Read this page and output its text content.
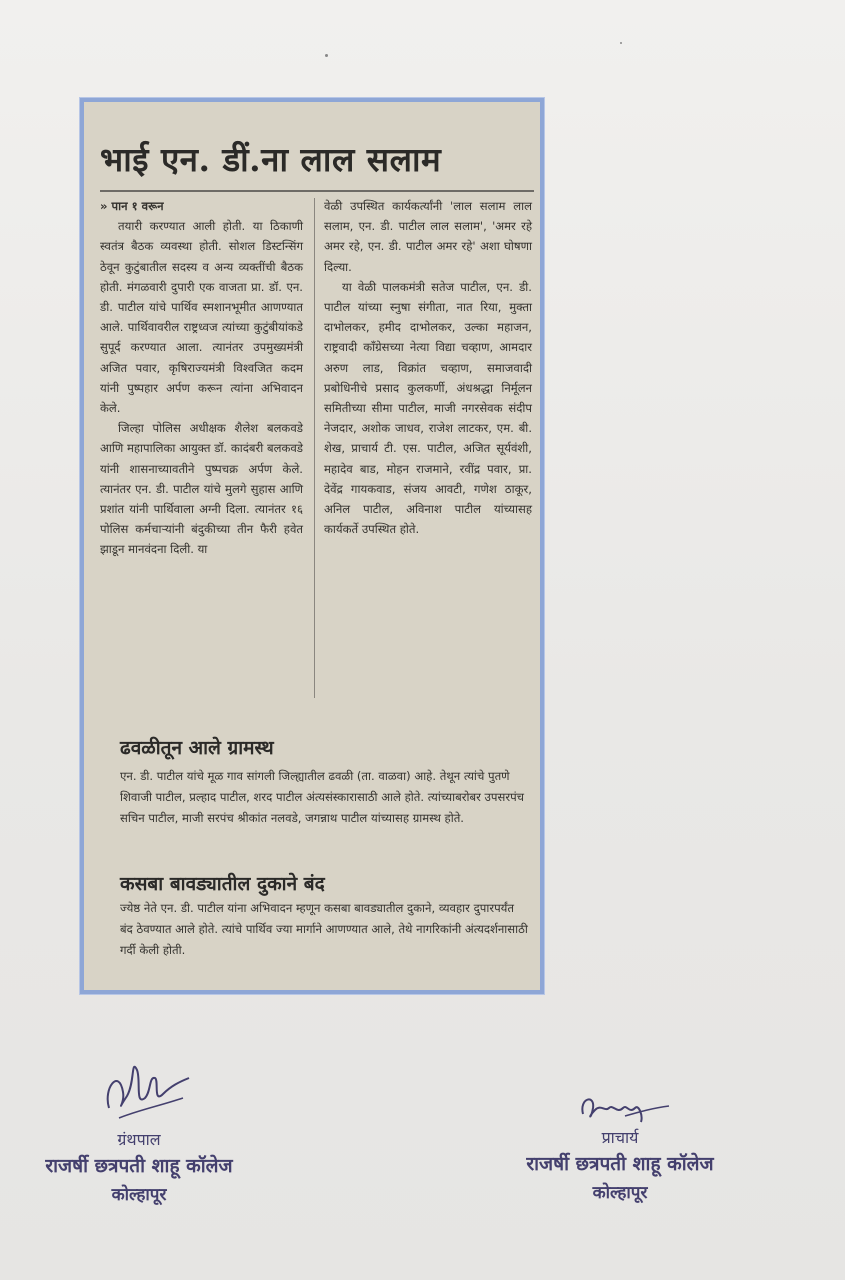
भाई एन. डीं.ना लाल सलाम

» पान १ वरून

तयारी करण्यात आली होती. या ठिकाणी स्वतंत्र बैठक व्यवस्था होती. सोशल डिस्टन्सिंग ठेवून कुटुंबातील सदस्य व अन्य व्यक्तींची बैठक होती. मंगळवारी दुपारी एक वाजता प्रा. डॉ. एन. डी. पाटील यांचे पार्थिव स्मशानभूमीत आणण्यात आले. पार्थिवावरील राष्ट्रध्वज त्यांच्या कुटुंबीयांकडे सुपूर्द करण्यात आला. त्यानंतर उपमुख्यमंत्री अजित पवार, कृषिराज्यमंत्री विश्वजित कदम यांनी पुष्पहार अर्पण करून त्यांना अभिवादन केले.

जिल्हा पोलिस अधीक्षक शैलेश बलकवडे आणि महापालिका आयुक्त डॉ. कादंबरी बलकवडे यांनी शासनाच्यावतीने पुष्पचक्र अर्पण केले. त्यानंतर एन. डी. पाटील यांचे मुलगे सुहास आणि प्रशांत यांनी पार्थिवाला अग्नी दिला. त्यानंतर १६ पोलिस कर्मचाऱ्यांनी बंदुकीच्या तीन फैरी हवेत झाडून मानवंदना दिली. या

वेळी उपस्थित कार्यकर्त्यांनी 'लाल सलाम लाल सलाम, एन. डी. पाटील लाल सलाम', 'अमर रहे अमर रहे, एन. डी. पाटील अमर रहे' अशा घोषणा दिल्या.

या वेळी पालकमंत्री सतेज पाटील, एन. डी. पाटील यांच्या स्नुषा संगीता, नात रिया, मुक्ता दाभोलकर, हमीद दाभोलकर, उल्का महाजन, राष्ट्रवादी काँग्रेसच्या नेत्या विद्या चव्हाण, आमदार अरुण लाड, विक्रांत चव्हाण, समाजवादी प्रबोधिनीचे प्रसाद कुलकर्णी, अंधश्रद्धा निर्मूलन समितीच्या सीमा पाटील, माजी नगरसेवक संदीप नेजदार, अशोक जाधव, राजेश लाटकर, एम. बी. शेख, प्राचार्य टी. एस. पाटील, अजित सूर्यवंशी, महादेव बाड, मोहन राजमाने, रवींद्र पवार, प्रा. देवेंद्र गायकवाड, संजय आवटी, गणेश ठाकूर, अनिल पाटील, अविनाश पाटील यांच्यासह कार्यकर्ते उपस्थित होते.

ढवळीतून आले ग्रामस्थ
एन. डी. पाटील यांचे मूळ गाव सांगली जिल्ह्यातील ढवळी (ता. वाळवा) आहे. तेथून त्यांचे पुतणे शिवाजी पाटील, प्रल्हाद पाटील, शरद पाटील अंत्यसंस्कारासाठी आले होते. त्यांच्याबरोबर उपसरपंच सचिन पाटील, माजी सरपंच श्रीकांत नलवडे, जगन्नाथ पाटील यांच्यासह ग्रामस्थ होते.
कसबा बावड्यातील दुकाने बंद
ज्येष्ठ नेते एन. डी. पाटील यांना अभिवादन म्हणून कसबा बावड्यातील दुकाने, व्यवहार दुपारपर्यंत बंद ठेवण्यात आले होते. त्यांचे पार्थिव ज्या मार्गाने आणण्यात आले, तेथे नागरिकांनी अंत्यदर्शनासाठी गर्दी केली होती.
ग्रंथपाल
राजर्षी छत्रपती शाहू कॉलेज
कोल्हापूर
प्राचार्य
राजर्षी छत्रपती शाहू कॉलेज
कोल्हापूर
